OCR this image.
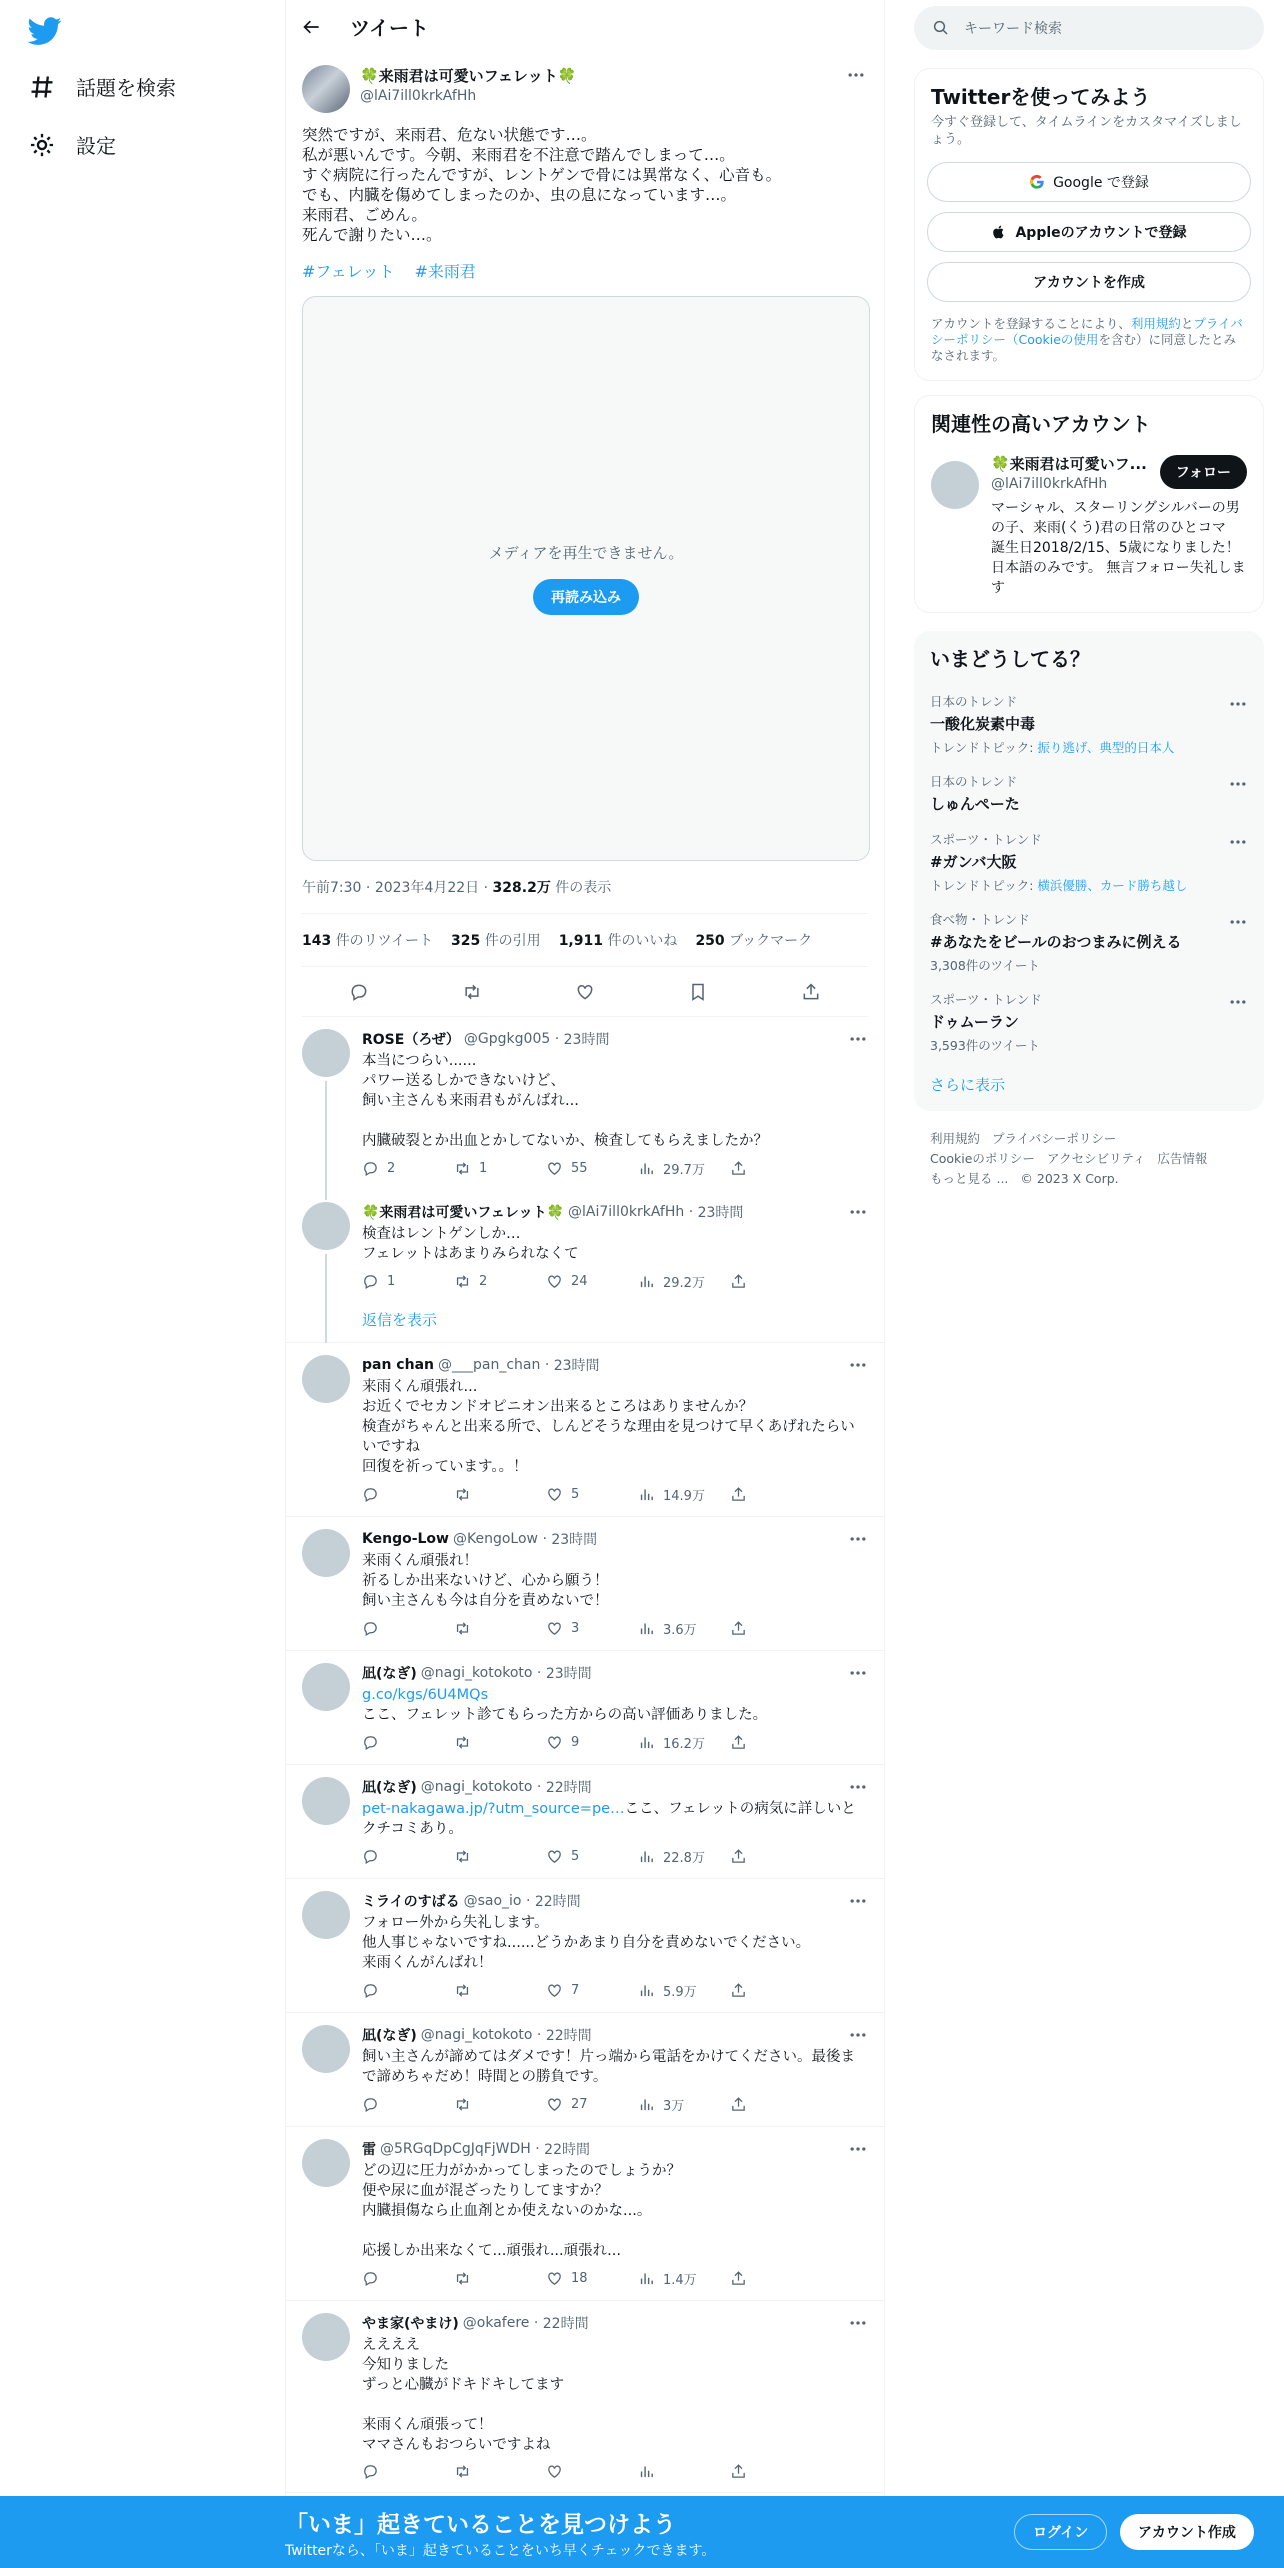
話題を検索
設定
ツイート
🍀来雨君は可愛いフェレット🍀
@lAi7ill0krkAfHh
突然ですが、来雨君、危ない状態です…。
私が悪いんです。今朝、来雨君を不注意で踏んでしまって…。
すぐ病院に行ったんですが、レントゲンで骨には異常なく、心音も。
でも、内臓を傷めてしまったのか、虫の息になっています…。
来雨君、ごめん。
死んで謝りたい…。
#フェレット #来雨君
メディアを再生できません。
再読み込み
午前7:30 · 2023年4月22日 · 328.2万 件の表示
143 件のリツイート 325 件の引用 1,911 件のいいね 250 ブックマーク
ROSE（ろぜ） @Gpgkg005 · 23時間
本当につらい......
パワー送るしかできないけど、
飼い主さんも来雨君もがんばれ...

内臓破裂とか出血とかしてないか、検査してもらえましたか？
2	1	55	29.7万
🍀来雨君は可愛いフェレット🍀 @lAi7ill0krkAfHh · 23時間
検査はレントゲンしか…
フェレットはあまりみられなくて
1	2	24	29.2万
返信を表示
pan chan @___pan_chan · 23時間
来雨くん頑張れ...
お近くでセカンドオピニオン出来るところはありませんか？
検査がちゃんと出来る所で、しんどそうな理由を見つけて早くあげれたらいいですね
回復を祈っています。。！
5	14.9万
Kengo-Low @KengoLow · 23時間
来雨くん頑張れ！
祈るしか出来ないけど、心から願う！
飼い主さんも今は自分を責めないで！
3	3.6万
凪(なぎ) @nagi_kotokoto · 23時間
g.co/kgs/6U4MQs
ここ、フェレット診てもらった方からの高い評価ありました。
9	16.2万
凪(なぎ) @nagi_kotokoto · 22時間
pet-nakagawa.jp/?utm_source=pe…ここ、フェレットの病気に詳しいとクチコミあり。
5	22.8万
ミライのすばる @sao_io · 22時間
フォロー外から失礼します。
他人事じゃないですね......どうかあまり自分を責めないでください。
来雨くんがんばれ！
7	5.9万
凪(なぎ) @nagi_kotokoto · 22時間
飼い主さんが諦めてはダメです！片っ端から電話をかけてください。最後まで諦めちゃだめ！時間との勝負です。
27	3万
雷 @5RGqDpCgJqFjWDH · 22時間
どの辺に圧力がかかってしまったのでしょうか？
便や尿に血が混ざったりしてますか？
内臓損傷なら止血剤とか使えないのかな...。

応援しか出来なくて...頑張れ...頑張れ...
18	1.4万
やま家(やまけ) @okafere · 22時間
ええええ
今知りました
ずっと心臓がドキドキしてます

来雨くん頑張って！
ママさんもおつらいですよね
キーワード検索
Twitterを使ってみよう
今すぐ登録して、タイムラインをカスタマイズしましょう。
Google で登録
Appleのアカウントで登録
アカウントを作成
アカウントを登録することにより、利用規約とプライバシーポリシー（Cookieの使用を含む）に同意したとみなされます。
関連性の高いアカウント
🍀来雨君は可愛いフ...
@lAi7ill0krkAfHh
マーシャル、スターリングシルバーの男の子、来雨(くう)君の日常のひとコマ　誕生日2018/2/15、5歳になりました！　日本語のみです。 無言フォロー失礼します
フォロー
いまどうしてる？
日本のトレンド
一酸化炭素中毒
トレンドトピック: 振り逃げ、典型的日本人
日本のトレンド
しゅんぺーた
スポーツ・トレンド
#ガンバ大阪
トレンドトピック: 横浜優勝、カード勝ち越し
食べ物・トレンド
#あなたをビールのおつまみに例える
3,308件のツイート
スポーツ・トレンド
ドゥムーラン
3,593件のツイート
さらに表示
利用規約 プライバシーポリシー
Cookieのポリシー アクセシビリティ 広告情報
もっと見る ... © 2023 X Corp.
「いま」起きていることを見つけよう
Twitterなら、「いま」起きていることをいち早くチェックできます。
ログイン	アカウント作成
